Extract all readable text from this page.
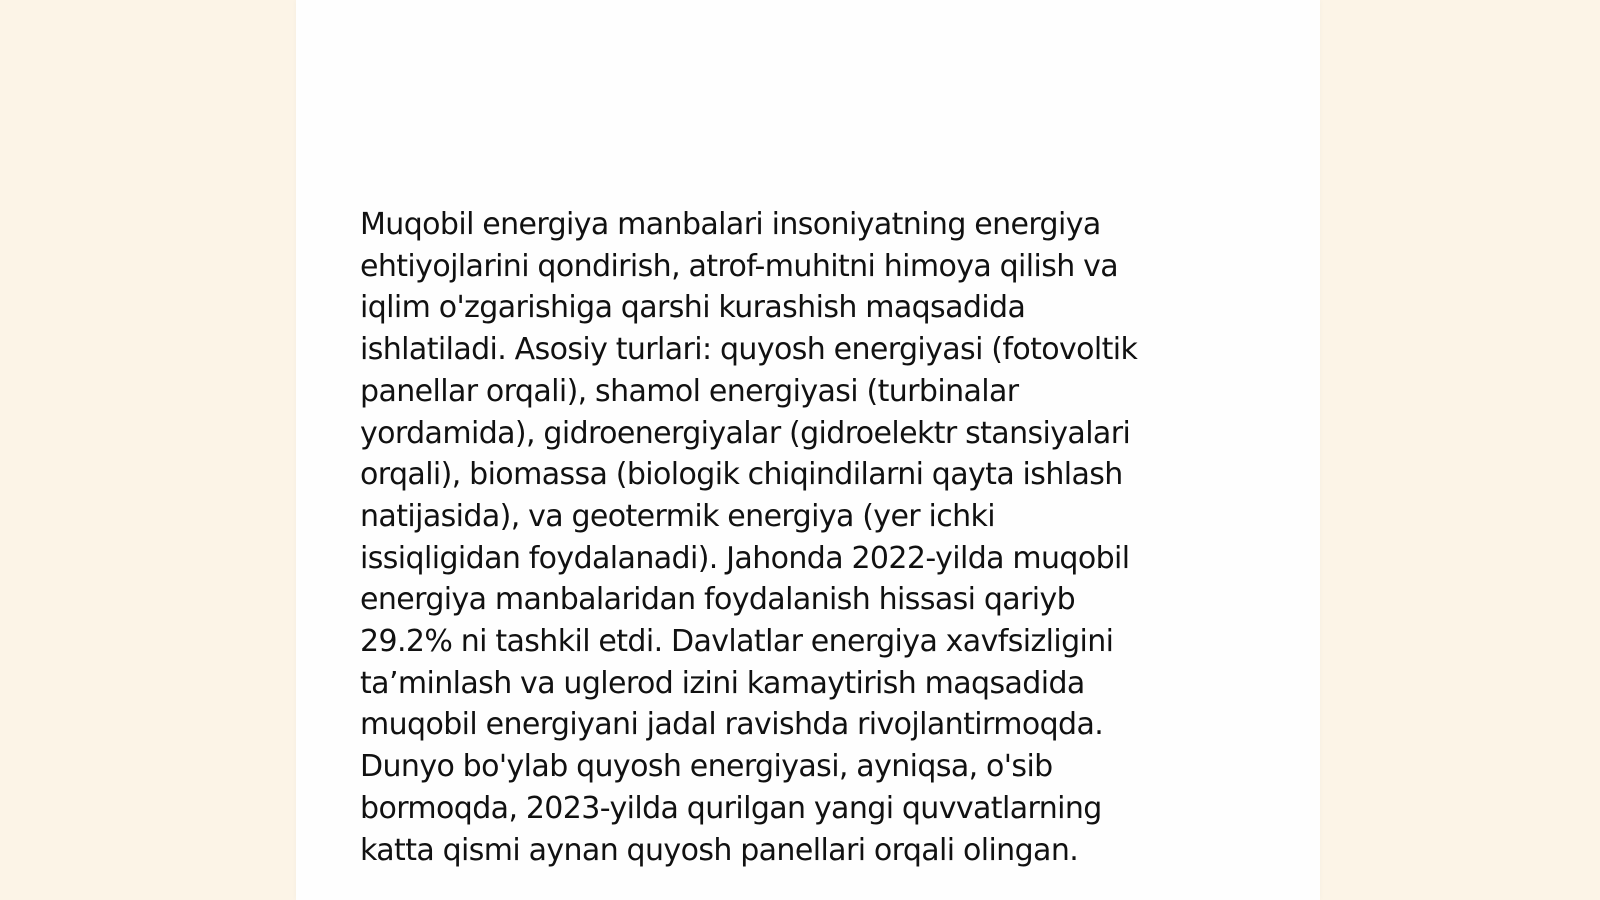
Muqobil energiya manbalari insoniyatning energiya
ehtiyojlarini qondirish, atrof-muhitni himoya qilish va
iqlim o'zgarishiga qarshi kurashish maqsadida
ishlatiladi. Asosiy turlari: quyosh energiyasi (fotovoltik
panellar orqali), shamol energiyasi (turbinalar
yordamida), gidroenergiyalar (gidroelektr stansiyalari
orqali), biomassa (biologik chiqindilarni qayta ishlash
natijasida), va geotermik energiya (yer ichki
issiqligidan foydalanadi). Jahonda 2022-yilda muqobil
energiya manbalaridan foydalanish hissasi qariyb
29.2% ni tashkil etdi. Davlatlar energiya xavfsizligini
ta’minlash va uglerod izini kamaytirish maqsadida
muqobil energiyani jadal ravishda rivojlantirmoqda.
Dunyo bo'ylab quyosh energiyasi, ayniqsa, o'sib
bormoqda, 2023-yilda qurilgan yangi quvvatlarning
katta qismi aynan quyosh panellari orqali olingan.
